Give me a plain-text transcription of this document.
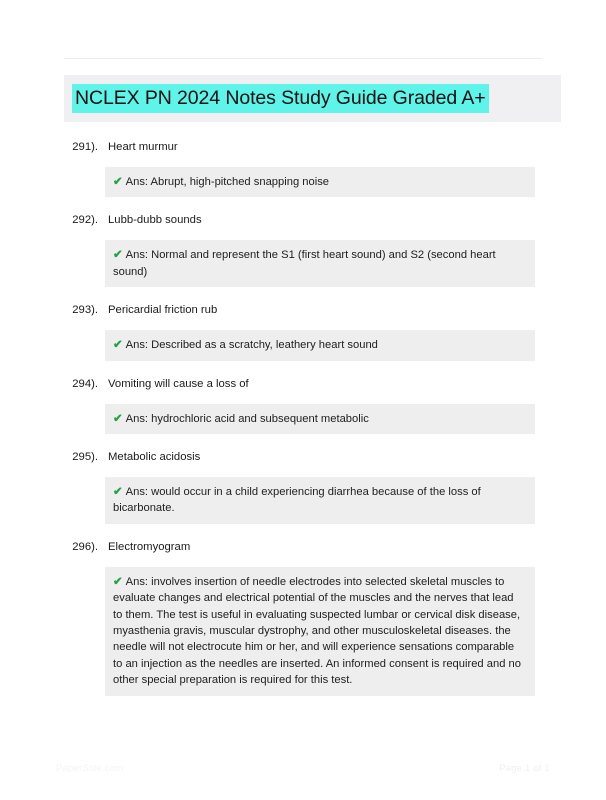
NCLEX PN 2024 Notes Study Guide Graded A+
291). Heart murmur

✔ Ans: Abrupt, high-pitched snapping noise

292). Lubb-dubb sounds

✔ Ans: Normal and represent the S1 (first heart sound) and S2 (second heart sound)

293). Pericardial friction rub

✔ Ans: Described as a scratchy, leathery heart sound

294). Vomiting will cause a loss of

✔ Ans: hydrochloric acid and subsequent metabolic

295). Metabolic acidosis

✔ Ans: would occur in a child experiencing diarrhea because of the loss of bicarbonate.

296). Electromyogram

✔ Ans: involves insertion of needle electrodes into selected skeletal muscles to evaluate changes and electrical potential of the muscles and the nerves that lead to them. The test is useful in evaluating suspected lumbar or cervical disk disease, myasthenia gravis, muscular dystrophy, and other musculoskeletal diseases. the needle will not electrocute him or her, and will experience sensations comparable to an injection as the needles are inserted. An informed consent is required and no other special preparation is required for this test.

PaperStile.com	Page 1 of 1
